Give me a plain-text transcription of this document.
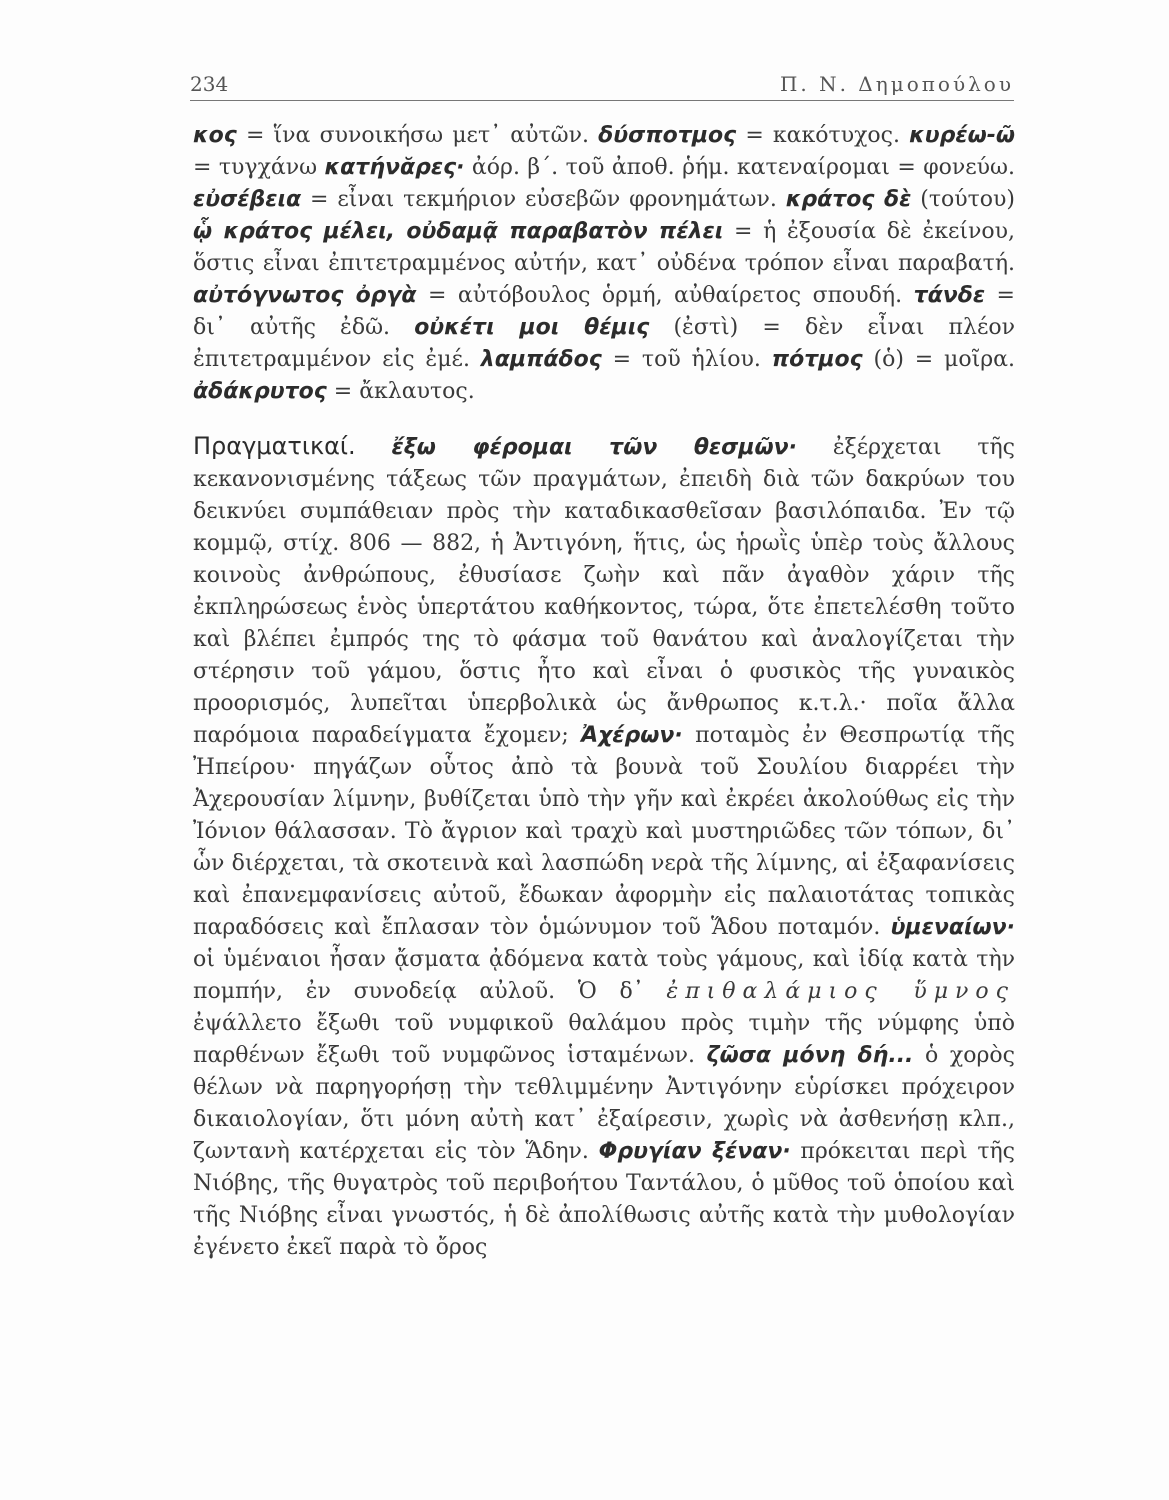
234	Π. Ν. Δημοπούλου

κος = ἵνα συνοικήσω μετ᾽ αὐτῶν. δύσποτμος = κακότυχος. κυρέω-ῶ = τυγχάνω κατήνᾰρες· ἀόρ. β΄. τοῦ ἀποθ. ῥήμ. κατεναίρομαι = φονεύω. εὐσέβεια = εἶναι τεκμήριον εὐσεβῶν φρονημάτων. κράτος δὲ (τούτου) ᾧ κράτος μέλει, οὐδαμᾷ παραβατὸν πέλει = ἡ ἐξουσία δὲ ἐκείνου, ὅστις εἶναι ἐπιτετραμμένος αὐτήν, κατ᾽ οὐδένα τρόπον εἶναι παραβατή. αὐτόγνωτος ὀργὰ = αὐτόβουλος ὁρμή, αὐθαίρετος σπουδή. τάνδε = δι᾽ αὐτῆς ἐδῶ. οὐκέτι μοι θέμις (ἐστὶ) = δὲν εἶναι πλέον ἐπιτετραμμένον εἰς ἐμέ. λαμπάδος = τοῦ ἡλίου. πότμος (ὁ) = μοῖρα. ἀδάκρυτος = ἄκλαυτος.

Πραγματικαί. ἔξω φέρομαι τῶν θεσμῶν· ἐξέρχεται τῆς κεκανονισμένης τάξεως τῶν πραγμάτων, ἐπειδὴ διὰ τῶν δακρύων του δεικνύει συμπάθειαν πρὸς τὴν καταδικασθεῖσαν βασιλόπαιδα. Ἐν τῷ κομμῷ, στίχ. 806 — 882, ἡ Ἀντιγόνη, ἥτις, ὡς ἡρωῒς ὑπὲρ τοὺς ἄλλους κοινοὺς ἀνθρώπους, ἐθυσίασε ζωὴν καὶ πᾶν ἀγαθὸν χάριν τῆς ἐκπληρώσεως ἑνὸς ὑπερτάτου καθήκοντος, τώρα, ὅτε ἐπετελέσθη τοῦτο καὶ βλέπει ἐμπρός της τὸ φάσμα τοῦ θανάτου καὶ ἀναλογίζεται τὴν στέρησιν τοῦ γάμου, ὅστις ἦτο καὶ εἶναι ὁ φυσικὸς τῆς γυναικὸς προορισμός, λυπεῖται ὑπερβολικὰ ὡς ἄνθρωπος κ.τ.λ.· ποῖα ἄλλα παρόμοια παραδείγματα ἔχομεν; Ἀχέρων· ποταμὸς ἐν Θεσπρωτίᾳ τῆς Ἠπείρου· πηγάζων οὗτος ἀπὸ τὰ βουνὰ τοῦ Σουλίου διαρρέει τὴν Ἀχερουσίαν λίμνην, βυθίζεται ὑπὸ τὴν γῆν καὶ ἐκρέει ἀκολούθως εἰς τὴν Ἰόνιον θάλασσαν. Τὸ ἄγριον καὶ τραχὺ καὶ μυστηριῶδες τῶν τόπων, δι᾽ ὧν διέρχεται, τὰ σκοτεινὰ καὶ λασπώδη νερὰ τῆς λίμνης, αἱ ἐξαφανίσεις καὶ ἐπανεμφανίσεις αὐτοῦ, ἔδωκαν ἀφορμὴν εἰς παλαιοτάτας τοπικὰς παραδόσεις καὶ ἔπλασαν τὸν ὁμώνυμον τοῦ Ἅδου ποταμόν. ὑμεναίων· οἱ ὑμέναιοι ἦσαν ᾄσματα ᾀδόμενα κατὰ τοὺς γάμους, καὶ ἰδίᾳ κατὰ τὴν πομπήν, ἐν συνοδείᾳ αὐλοῦ. Ὁ δ᾽ ἐπιθαλάμιος ὕμνος ἐψάλλετο ἔξωθι τοῦ νυμφικοῦ θαλάμου πρὸς τιμὴν τῆς νύμφης ὑπὸ παρθένων ἔξωθι τοῦ νυμφῶνος ἱσταμένων. ζῶσα μόνη δή... ὁ χορὸς θέλων νὰ παρηγορήσῃ τὴν τεθλιμμένην Ἀντιγόνην εὑρίσκει πρόχειρον δικαιολογίαν, ὅτι μόνη αὐτὴ κατ᾽ ἐξαίρεσιν, χωρὶς νὰ ἀσθενήσῃ κλπ., ζωντανὴ κατέρχεται εἰς τὸν Ἅδην. Φρυγίαν ξέναν· πρόκειται περὶ τῆς Νιόβης, τῆς θυγατρὸς τοῦ περιβοήτου Ταντάλου, ὁ μῦθος τοῦ ὁποίου καὶ τῆς Νιόβης εἶναι γνωστός, ἡ δὲ ἀπολίθωσις αὐτῆς κατὰ τὴν μυθολογίαν ἐγένετο ἐκεῖ παρὰ τὸ ὄρος
